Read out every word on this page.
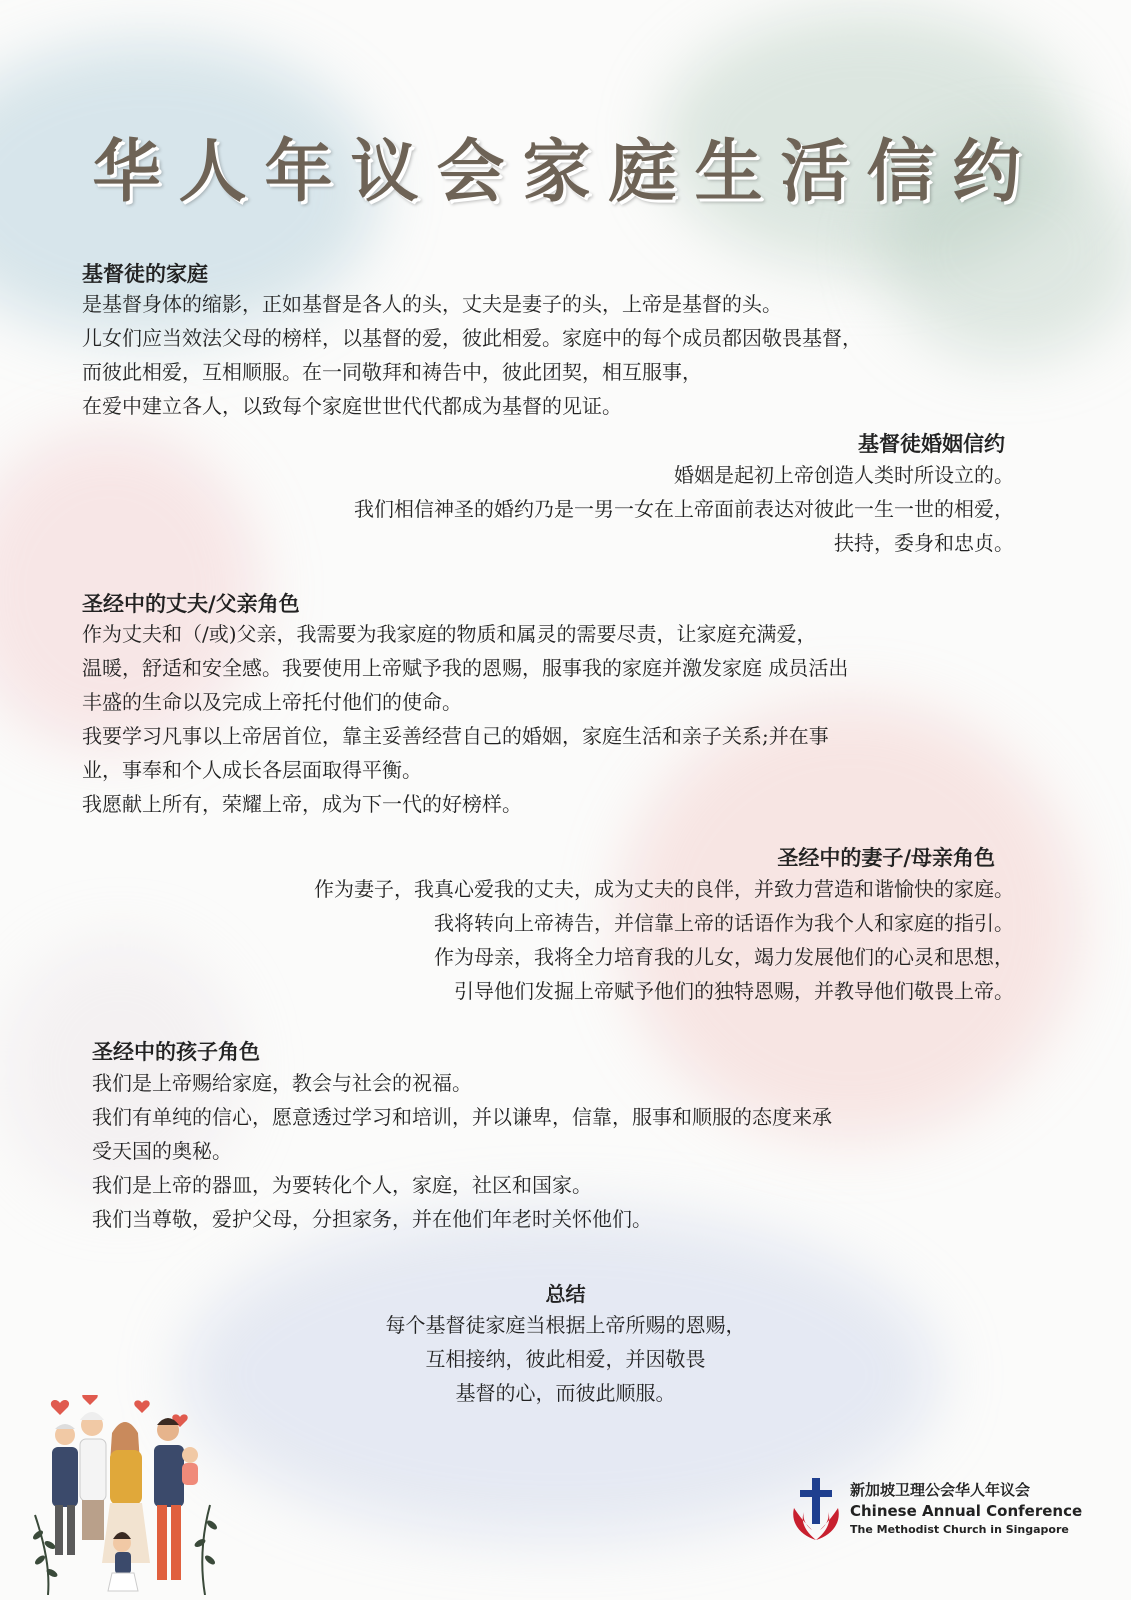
华人年议会家庭生活信约
基督徒的家庭
是基督身体的缩影，正如基督是各人的头，丈夫是妻子的头，上帝是基督的头。
儿女们应当效法父母的榜样，以基督的爱，彼此相爱。家庭中的每个成员都因敬畏基督，
而彼此相爱，互相顺服。在一同敬拜和祷告中，彼此团契，相互服事，
在爱中建立各人，以致每个家庭世世代代都成为基督的见证。
基督徒婚姻信约
婚姻是起初上帝创造人类时所设立的。
我们相信神圣的婚约乃是一男一女在上帝面前表达对彼此一生一世的相爱，
扶持，委身和忠贞。
圣经中的丈夫/父亲角色
作为丈夫和（/或)父亲，我需要为我家庭的物质和属灵的需要尽责，让家庭充满爱，
温暖，舒适和安全感。我要使用上帝赋予我的恩赐，服事我的家庭并激发家庭 成员活出
丰盛的生命以及完成上帝托付他们的使命。
我要学习凡事以上帝居首位，靠主妥善经营自己的婚姻，家庭生活和亲子关系;并在事
业，事奉和个人成长各层面取得平衡。
我愿献上所有，荣耀上帝，成为下一代的好榜样。
圣经中的妻子/母亲角色
作为妻子，我真心爱我的丈夫，成为丈夫的良伴，并致力营造和谐愉快的家庭。
我将转向上帝祷告，并信靠上帝的话语作为我个人和家庭的指引。
作为母亲，我将全力培育我的儿女，竭力发展他们的心灵和思想，
引导他们发掘上帝赋予他们的独特恩赐，并教导他们敬畏上帝。
圣经中的孩子角色
我们是上帝赐给家庭，教会与社会的祝福。
我们有单纯的信心，愿意透过学习和培训，并以谦卑，信靠，服事和顺服的态度来承
受天国的奥秘。
我们是上帝的器皿，为要转化个人，家庭，社区和国家。
我们当尊敬，爱护父母，分担家务，并在他们年老时关怀他们。
总结
每个基督徒家庭当根据上帝所赐的恩赐，
互相接纳，彼此相爱，并因敬畏
基督的心，而彼此顺服。
新加坡卫理公会华人年议会
Chinese Annual Conference
The Methodist Church in Singapore
